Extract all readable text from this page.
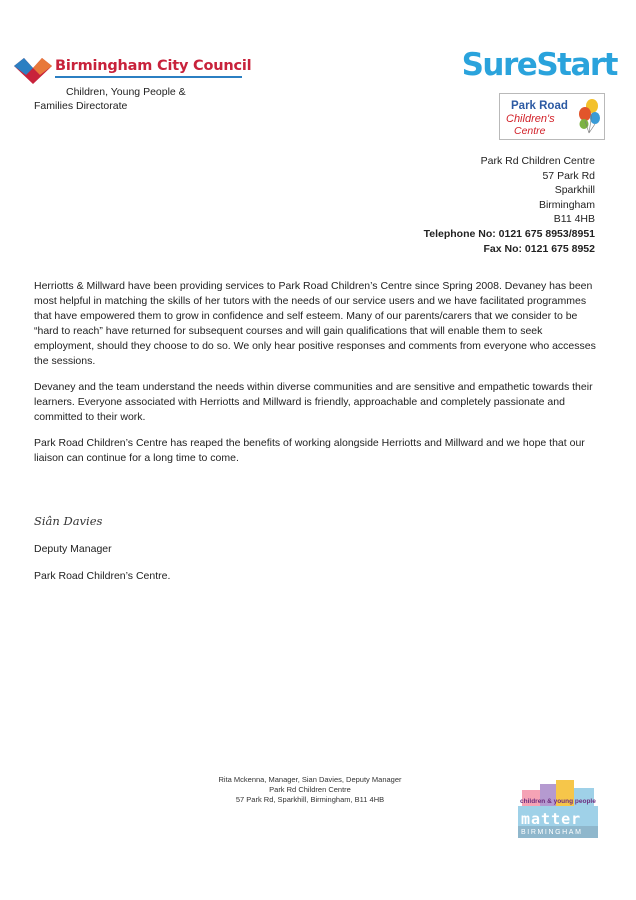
Birmingham City Council
Children, Young People &
Families Directorate
SureStart
Park Road
Children's
Centre
Park Rd Children Centre
57 Park Rd
Sparkhill
Birmingham
B11 4HB
Telephone No: 0121 675 8953/8951
Fax No: 0121 675 8952

Herriotts & Millward have been providing services to Park Road Children’s Centre since Spring 2008. Devaney has been most helpful in matching the skills of her tutors with the needs of our service users and we have facilitated programmes that have empowered them to grow in confidence and self esteem. Many of our parents/carers that we consider to be “hard to reach” have returned for subsequent courses and will gain qualifications that will enable them to seek employment, should they choose to do so. We only hear positive responses and comments from everyone who accesses the sessions.

Devaney and the team understand the needs within diverse communities and are sensitive and empathetic towards their learners. Everyone associated with Herriotts and Millward is friendly, approachable and completely passionate and committed to their work.

Park Road Children’s Centre has reaped the benefits of working alongside Herriotts and Millward and we hope that our liaison can continue for a long time to come.

Siân Davies
Deputy Manager
Park Road Children’s Centre.
Rita Mckenna, Manager, Sian Davies, Deputy Manager
Park Rd Children Centre
57 Park Rd, Sparkhill, Birmingham, B11 4HB	children & young people
matter
BIRMINGHAM
